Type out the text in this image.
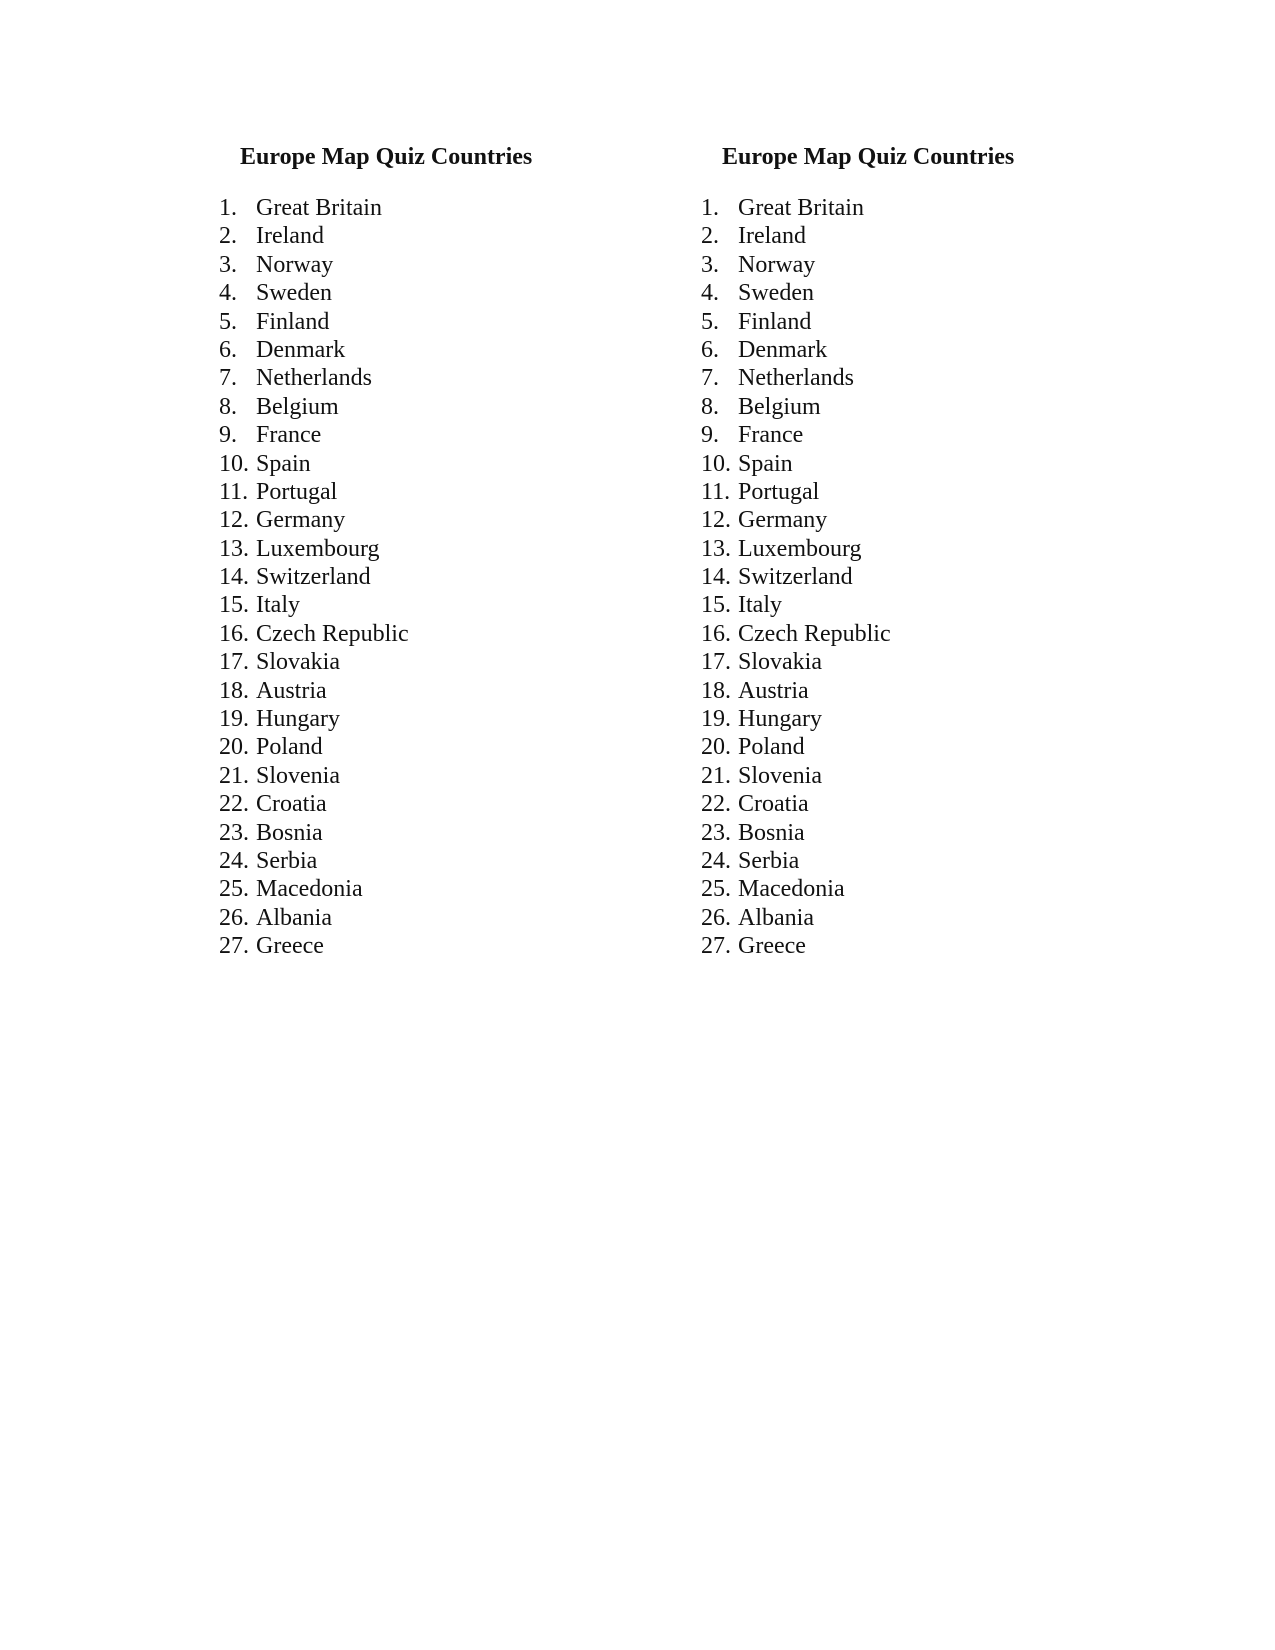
Europe Map Quiz Countries
1. Great Britain
2. Ireland
3. Norway
4. Sweden
5. Finland
6. Denmark
7. Netherlands
8. Belgium
9. France
10. Spain
11. Portugal
12. Germany
13. Luxembourg
14. Switzerland
15. Italy
16. Czech Republic
17. Slovakia
18. Austria
19. Hungary
20. Poland
21. Slovenia
22. Croatia
23. Bosnia
24. Serbia
25. Macedonia
26. Albania
27. Greece
Europe Map Quiz Countries
1. Great Britain
2. Ireland
3. Norway
4. Sweden
5. Finland
6. Denmark
7. Netherlands
8. Belgium
9. France
10. Spain
11. Portugal
12. Germany
13. Luxembourg
14. Switzerland
15. Italy
16. Czech Republic
17. Slovakia
18. Austria
19. Hungary
20. Poland
21. Slovenia
22. Croatia
23. Bosnia
24. Serbia
25. Macedonia
26. Albania
27. Greece
